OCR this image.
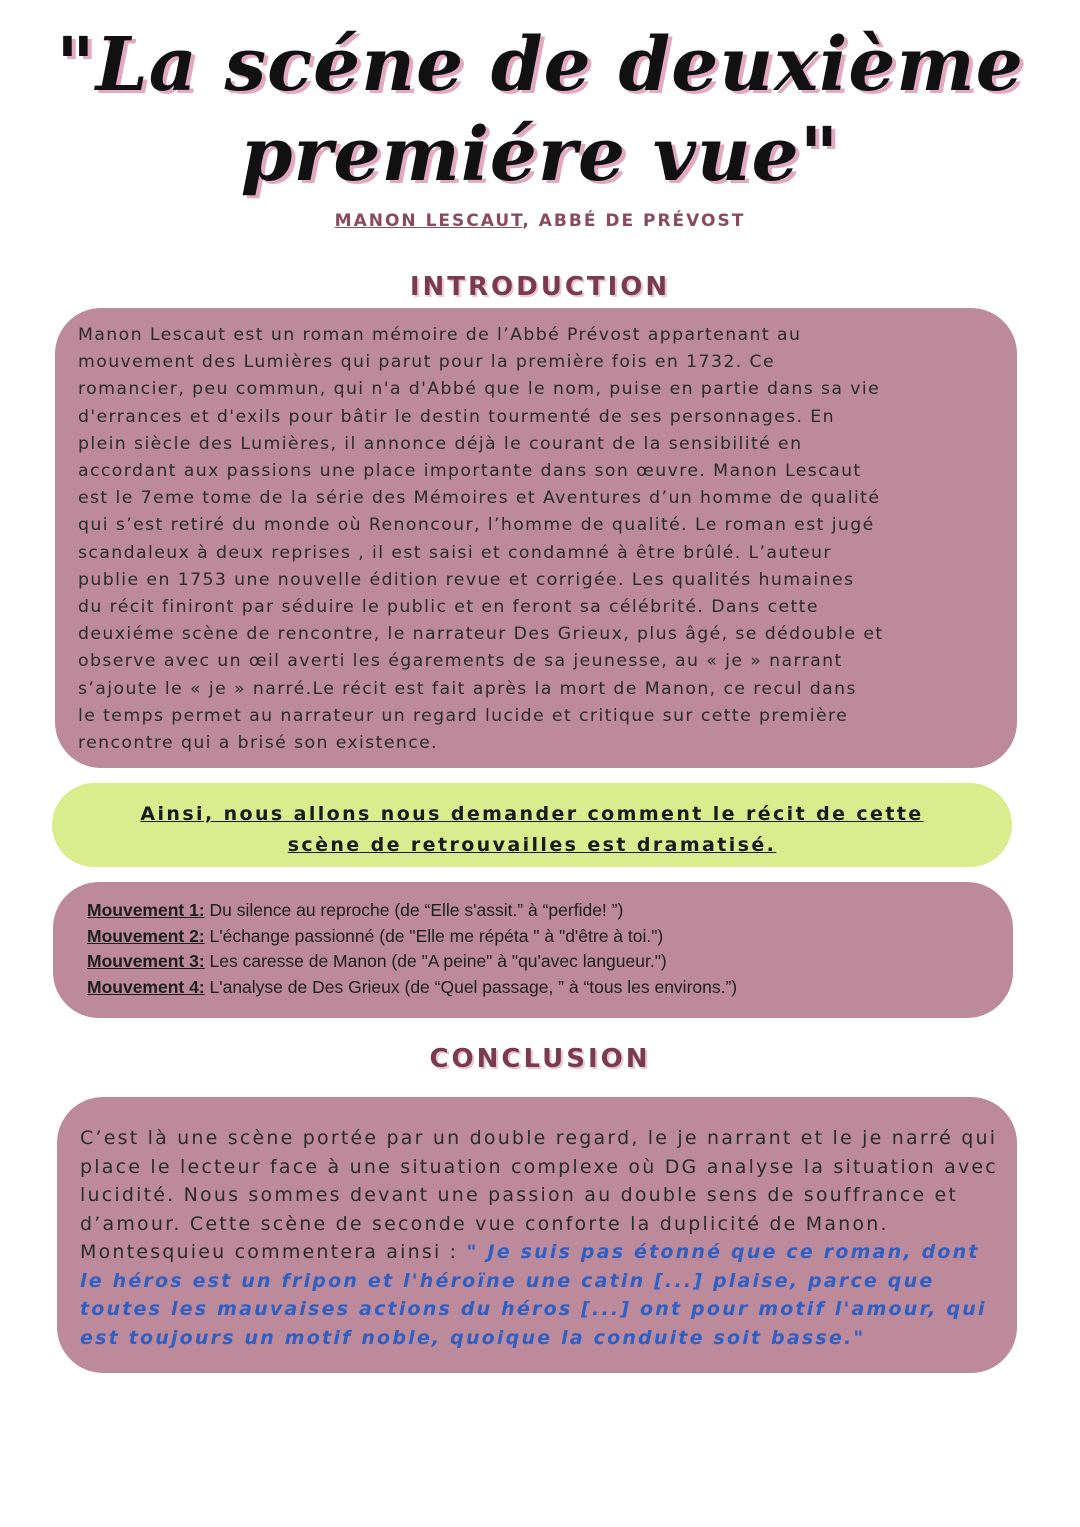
"La scéne de deuxième
premiére vue"
MANON LESCAUT, ABBÉ DE PRÉVOST
INTRODUCTION
Manon Lescaut est un roman mémoire de l’Abbé Prévost appartenant au
mouvement des Lumières qui parut pour la première fois en 1732. Ce
romancier, peu commun, qui n'a d'Abbé que le nom, puise en partie dans sa vie
d'errances et d'exils pour bâtir le destin tourmenté de ses personnages. En
plein siècle des Lumières, il annonce déjà le courant de la sensibilité en
accordant aux passions une place importante dans son œuvre. Manon Lescaut
est le 7eme tome de la série des Mémoires et Aventures d’un homme de qualité
qui s’est retiré du monde où Renoncour, l’homme de qualité. Le roman est jugé
scandaleux à deux reprises , il est saisi et condamné à être brûlé. L’auteur
publie en 1753 une nouvelle édition revue et corrigée. Les qualités humaines
du récit finiront par séduire le public et en feront sa célébrité. Dans cette
deuxiéme scène de rencontre, le narrateur Des Grieux, plus âgé, se dédouble et
observe avec un œil averti les égarements de sa jeunesse, au « je » narrant
s’ajoute le « je » narré.Le récit est fait après la mort de Manon, ce recul dans
le temps permet au narrateur un regard lucide et critique sur cette première
rencontre qui a brisé son existence.
Ainsi, nous allons nous demander comment le récit de cette
scène de retrouvailles est dramatisé.
Mouvement 1: Du silence au reproche (de “Elle s'assit.” à “perfide! ”)
Mouvement 2: L'échange passionné (de "Elle me répéta " à "d'être à toi.")
Mouvement 3: Les caresse de Manon (de "A peine" à "qu'avec langueur.")
Mouvement 4: L'analyse de Des Grieux (de “Quel passage, ” à “tous les environs.”)
CONCLUSION

C’est là une scène portée par un double regard, le je narrant et le je narré qui place le lecteur face à une situation complexe où DG analyse la situation avec lucidité. Nous sommes devant une passion au double sens de souffrance et d’amour. Cette scène de seconde vue conforte la duplicité de Manon. Montesquieu commentera ainsi : " Je suis pas étonné que ce roman, dont le héros est un fripon et l'héroïne une catin [...] plaise, parce que toutes les mauvaises actions du héros [...] ont pour motif l'amour, qui est toujours un motif noble, quoique la conduite soit basse."
